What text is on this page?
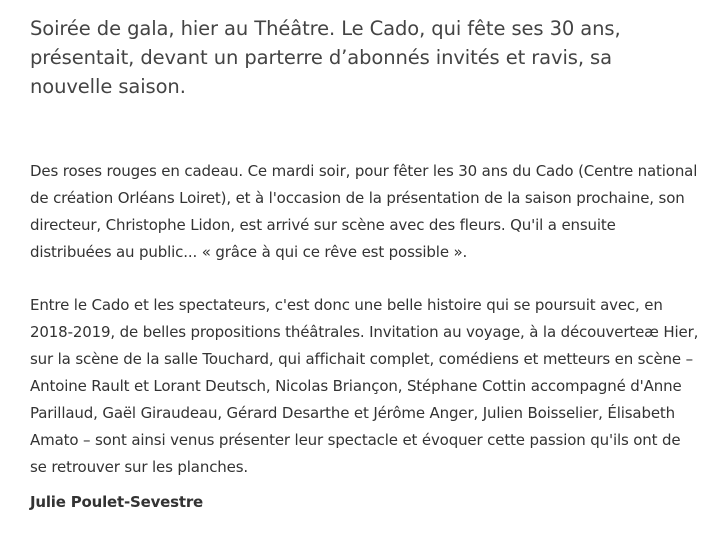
Soirée de gala, hier au Théâtre. Le Cado, qui fête ses 30 ans, présentait, devant un parterre d’abonnés invités et ravis, sa nouvelle saison.

Des roses rouges en cadeau. Ce mardi soir, pour fêter les 30 ans du Cado (Centre national de création Orléans Loiret), et à l'occasion de la présentation de la saison prochaine, son directeur, Christophe Lidon, est arrivé sur scène avec des fleurs. Qu'il a ensuite distribuées au public... « grâce à qui ce rêve est possible ».

Entre le Cado et les spectateurs, c'est donc une belle histoire qui se poursuit avec, en 2018-2019, de belles propositions théâtrales. Invitation au voyage, à la découverteæ Hier, sur la scène de la salle Touchard, qui affichait complet, comédiens et metteurs en scène – Antoine Rault et Lorant Deutsch, Nicolas Briançon, Stéphane Cottin accompagné d'Anne Parillaud, Gaël Giraudeau, Gérard Desarthe et Jérôme Anger, Julien Boisselier, Élisabeth Amato – sont ainsi venus présenter leur spectacle et évoquer cette passion qu'ils ont de se retrouver sur les planches.

Julie Poulet-Sevestre
